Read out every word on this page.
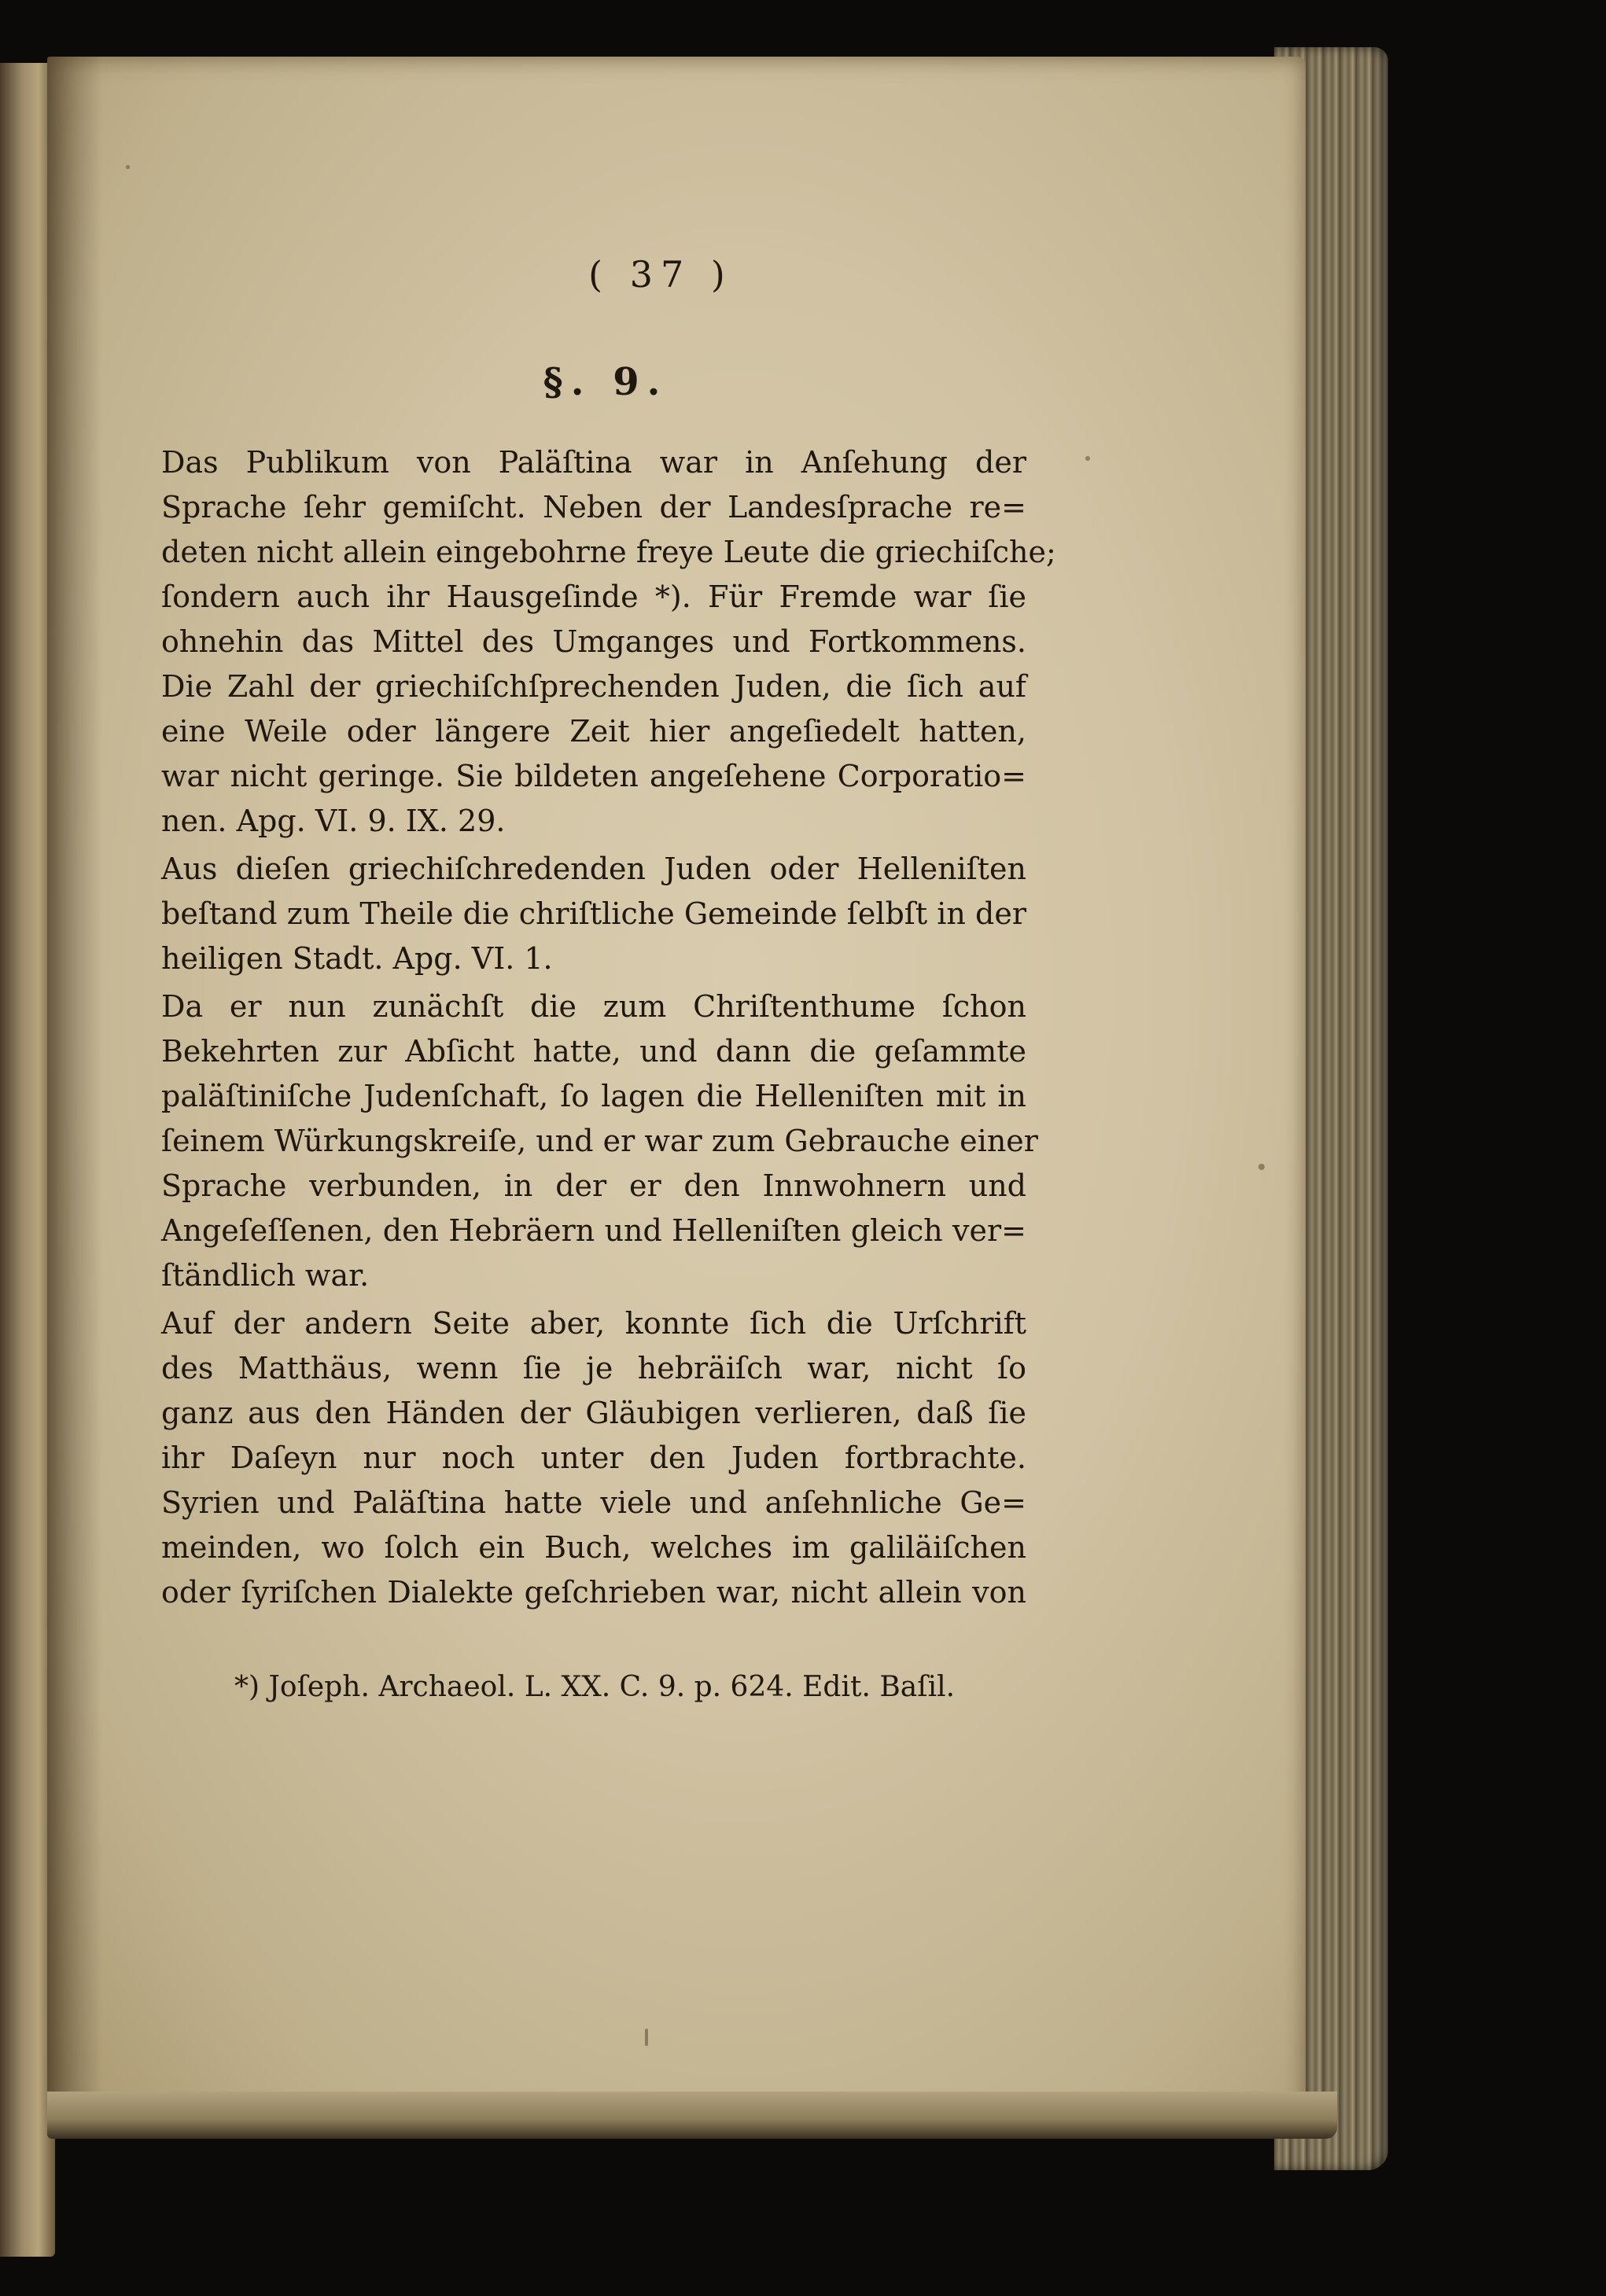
( 37 )
§. 9.
Das Publikum von Paläſtina war in Anſehung der
Sprache ſehr gemiſcht. Neben der Landesſprache re=
deten nicht allein eingebohrne freye Leute die griechiſche;
ſondern auch ihr Hausgeſinde *). Für Fremde war ſie
ohnehin das Mittel des Umganges und Fortkommens.
Die Zahl der griechiſchſprechenden Juden, die ſich auf
eine Weile oder längere Zeit hier angeſiedelt hatten,
war nicht geringe. Sie bildeten angeſehene Corporatio=
nen. Apg. VI. 9. IX. 29.
Aus dieſen griechiſchredenden Juden oder Helleniſten
beſtand zum Theile die chriſtliche Gemeinde ſelbſt in der
heiligen Stadt. Apg. VI. 1.
Da er nun zunächſt die zum Chriſtenthume ſchon
Bekehrten zur Abſicht hatte, und dann die geſammte
paläſtiniſche Judenſchaft, ſo lagen die Helleniſten mit in
ſeinem Würkungskreiſe, und er war zum Gebrauche einer
Sprache verbunden, in der er den Innwohnern und
Angeſeſſenen, den Hebräern und Helleniſten gleich ver=
ſtändlich war.
Auf der andern Seite aber, konnte ſich die Urſchrift
des Matthäus, wenn ſie je hebräiſch war, nicht ſo
ganz aus den Händen der Gläubigen verlieren, daß ſie
ihr Daſeyn nur noch unter den Juden fortbrachte.
Syrien und Paläſtina hatte viele und anſehnliche Ge=
meinden, wo ſolch ein Buch, welches im galiläiſchen
oder ſyriſchen Dialekte geſchrieben war, nicht allein von
*) Joſeph. Archaeol. L. XX. C. 9. p. 624. Edit. Baſil.
